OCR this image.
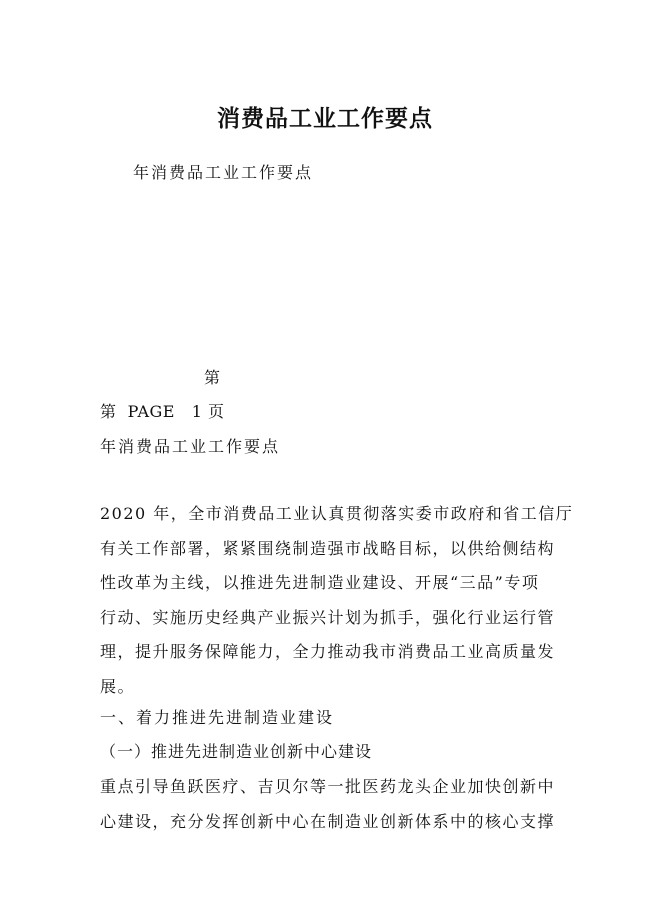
消费品工业工作要点
年消费品工业工作要点
第
第  PAGE   1 页
年消费品工业工作要点
2020 年，全市消费品工业认真贯彻落实委市政府和省工信厅
有关工作部署，紧紧围绕制造强市战略目标，以供给侧结构
性改革为主线，以推进先进制造业建设、开展“三品”专项
行动、实施历史经典产业振兴计划为抓手，强化行业运行管
理，提升服务保障能力，全力推动我市消费品工业高质量发
展。
一、着力推进先进制造业建设
（一）推进先进制造业创新中心建设
重点引导鱼跃医疗、吉贝尔等一批医药龙头企业加快创新中
心建设，充分发挥创新中心在制造业创新体系中的核心支撑
